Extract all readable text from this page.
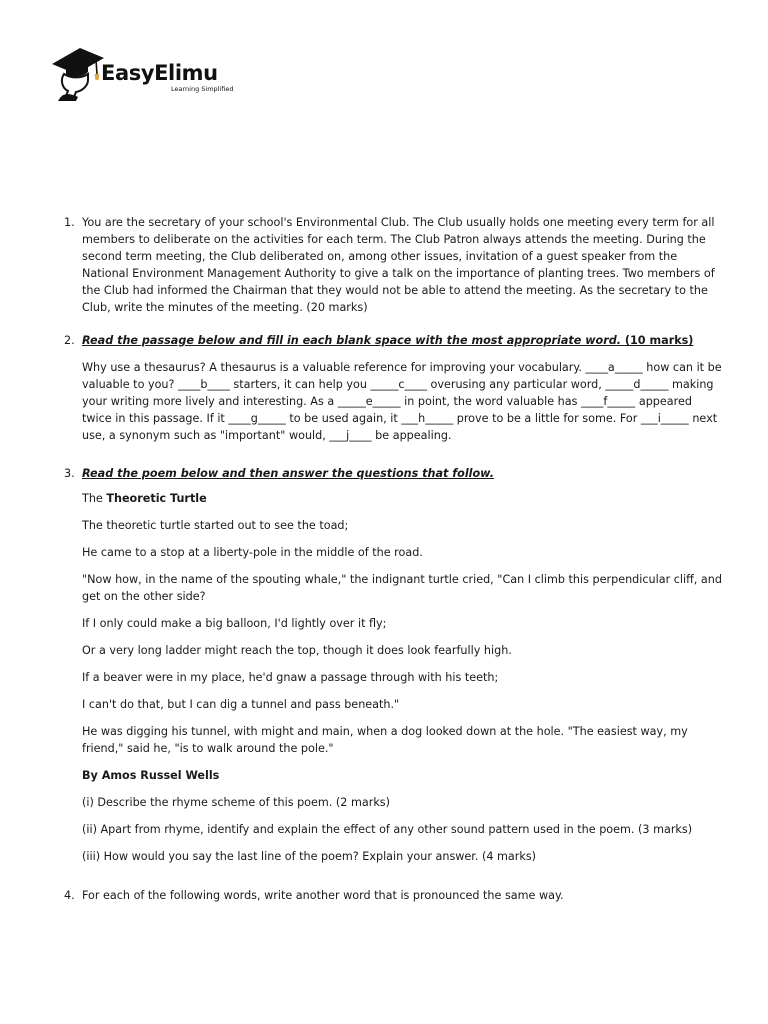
EasyElimu
Learning Simplified
1. You are the secretary of your school's Environmental Club. The Club usually holds one meeting every term for all members to deliberate on the activities for each term. The Club Patron always attends the meeting. During the second term meeting, the Club deliberated on, among other issues, invitation of a guest speaker from the National Environment Management Authority to give a talk on the importance of planting trees. Two members of the Club had informed the Chairman that they would not be able to attend the meeting. As the secretary to the Club, write the minutes of the meeting. (20 marks)

2. Read the passage below and fill in each blank space with the most appropriate word. (10 marks)

Why use a thesaurus? A thesaurus is a valuable reference for improving your vocabulary. ____a_____ how can it be valuable to you? ____b____ starters, it can help you _____c____ overusing any particular word, _____d_____ making your writing more lively and interesting. As a _____e_____ in point, the word valuable has ____f_____ appeared twice in this passage. If it ____g_____ to be used again, it ___h_____ prove to be a little for some. For ___i_____ next use, a synonym such as "important" would, ___j____ be appealing.

3. Read the poem below and then answer the questions that follow.

The Theoretic Turtle

The theoretic turtle started out to see the toad;

He came to a stop at a liberty-pole in the middle of the road.

"Now how, in the name of the spouting whale," the indignant turtle cried, "Can I climb this perpendicular cliff, and get on the other side?

If I only could make a big balloon, I'd lightly over it fly;

Or a very long ladder might reach the top, though it does look fearfully high.

If a beaver were in my place, he'd gnaw a passage through with his teeth;

I can't do that, but I can dig a tunnel and pass beneath."

He was digging his tunnel, with might and main, when a dog looked down at the hole. "The easiest way, my friend," said he, "is to walk around the pole."

By Amos Russel Wells

(i) Describe the rhyme scheme of this poem. (2 marks)

(ii) Apart from rhyme, identify and explain the effect of any other sound pattern used in the poem. (3 marks)

(iii) How would you say the last line of the poem? Explain your answer. (4 marks)

4. For each of the following words, write another word that is pronounced the same way.
